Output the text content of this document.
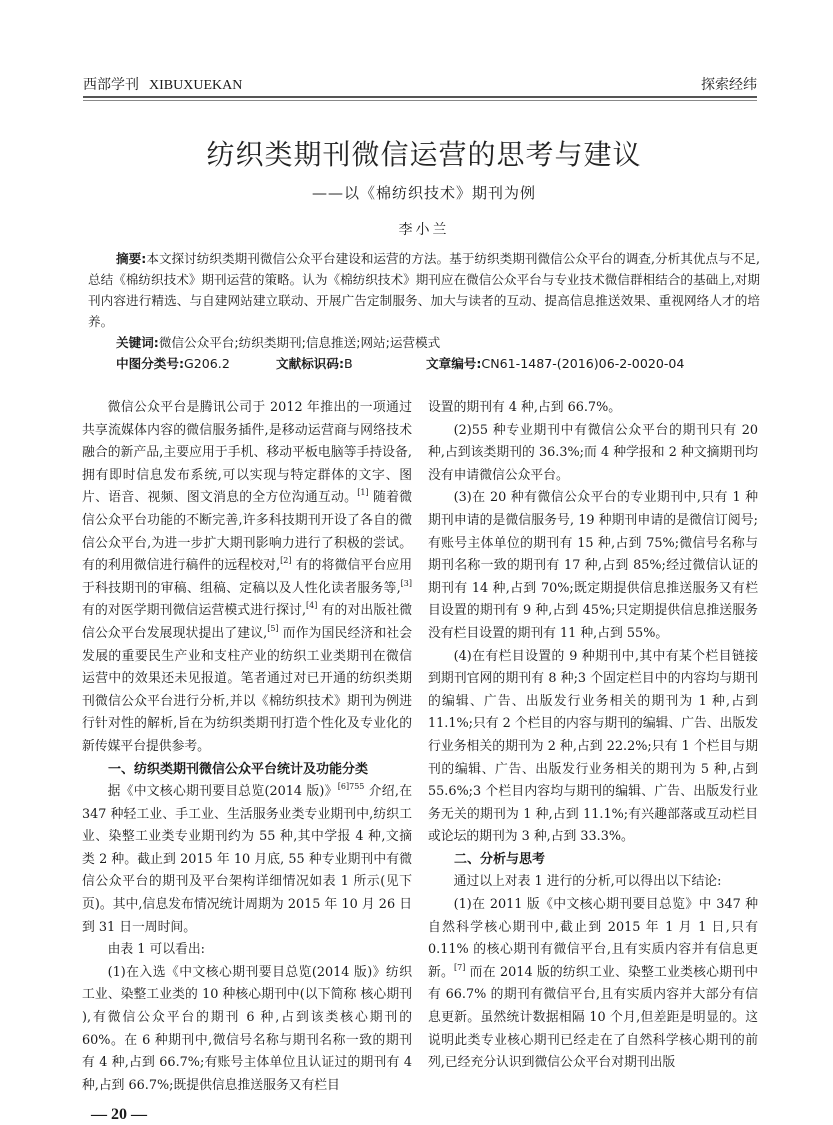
西部学刊 XIBUXUEKAN	探索经纬
纺织类期刊微信运营的思考与建议
——以《棉纺织技术》期刊为例
李小兰
摘要:本文探讨纺织类期刊微信公众平台建设和运营的方法。基于纺织类期刊微信公众平台的调查,分析其优点与不足,总结《棉纺织技术》期刊运营的策略。认为《棉纺织技术》期刊应在微信公众平台与专业技术微信群相结合的基础上,对期刊内容进行精选、与自建网站建立联动、开展广告定制服务、加大与读者的互动、提高信息推送效果、重视网络人才的培养。
关键词:微信公众平台;纺织类期刊;信息推送;网站;运营模式
中图分类号:G206.2	文献标识码:B	文章编号:CN61-1487-(2016)06-2-0020-04

微信公众平台是腾讯公司于 2012 年推出的一项通过共享流媒体内容的微信服务插件,是移动运营商与网络技术融合的新产品,主要应用于手机、移动平板电脑等手持设备,拥有即时信息发布系统,可以实现与特定群体的文字、图片、语音、视频、图文消息的全方位沟通互动。[1] 随着微信公众平台功能的不断完善,许多科技期刊开设了各自的微信公众平台,为进一步扩大期刊影响力进行了积极的尝试。有的利用微信进行稿件的远程校对,[2] 有的将微信平台应用于科技期刊的审稿、组稿、定稿以及人性化读者服务等,[3] 有的对医学期刊微信运营模式进行探讨,[4] 有的对出版社微信公众平台发展现状提出了建议,[5] 而作为国民经济和社会发展的重要民生产业和支柱产业的纺织工业类期刊在微信运营中的效果还未见报道。笔者通过对已开通的纺织类期刊微信公众平台进行分析,并以《棉纺织技术》期刊为例进行针对性的解析,旨在为纺织类期刊打造个性化及专业化的新传媒平台提供参考。

一、纺织类期刊微信公众平台统计及功能分类

据《中文核心期刊要目总览(2014 版)》$^{[6]755}$ 介绍,在 347 种轻工业、手工业、生活服务业类专业期刊中,纺织工业、染整工业类专业期刊约为 55 种,其中学报 4 种,文摘类 2 种。截止到 2015 年 10 月底, 55 种专业期刊中有微信公众平台的期刊及平台架构详细情况如表 1 所示(见下页)。其中,信息发布情况统计周期为 2015 年 10 月 26 日到 31 日一周时间。

由表 1 可以看出:

(1)在入选《中文核心期刊要目总览(2014 版)》纺织工业、染整工业类的 10 种核心期刊中(以下简称 核心期刊 ),有微信公众平台的期刊 6 种,占到该类核心期刊的 60%。在 6 种期刊中,微信号名称与期刊名称一致的期刊有 4 种,占到 66.7%;有账号主体单位且认证过的期刊有 4 种,占到 66.7%;既提供信息推送服务又有栏目

设置的期刊有 4 种,占到 66.7%。

(2)55 种专业期刊中有微信公众平台的期刊只有 20 种,占到该类期刊的 36.3%;而 4 种学报和 2 种文摘期刊均没有申请微信公众平台。

(3)在 20 种有微信公众平台的专业期刊中,只有 1 种期刊申请的是微信服务号, 19 种期刊申请的是微信订阅号;有账号主体单位的期刊有 15 种,占到 75%;微信号名称与期刊名称一致的期刊有 17 种,占到 85%;经过微信认证的期刊有 14 种,占到 70%;既定期提供信息推送服务又有栏目设置的期刊有 9 种,占到 45%;只定期提供信息推送服务没有栏目设置的期刊有 11 种,占到 55%。

(4)在有栏目设置的 9 种期刊中,其中有某个栏目链接到期刊官网的期刊有 8 种;3 个固定栏目中的内容均与期刊的编辑、广告、出版发行业务相关的期刊为 1 种,占到 11.1%;只有 2 个栏目的内容与期刊的编辑、广告、出版发行业务相关的期刊为 2 种,占到 22.2%;只有 1 个栏目与期刊的编辑、广告、出版发行业务相关的期刊为 5 种,占到 55.6%;3 个栏目内容均与期刊的编辑、广告、出版发行业务无关的期刊为 1 种,占到 11.1%;有兴趣部落或互动栏目或论坛的期刊为 3 种,占到 33.3%。

二、分析与思考

通过以上对表 1 进行的分析,可以得出以下结论:

(1)在 2011 版《中文核心期刊要目总览》中 347 种自然科学核心期刊中,截止到 2015 年 1 月 1 日,只有 0.11% 的核心期刊有微信平台,且有实质内容并有信息更新。[7] 而在 2014 版的纺织工业、染整工业类核心期刊中有 66.7% 的期刊有微信平台,且有实质内容并大部分有信息更新。虽然统计数据相隔 10 个月,但差距是明显的。这说明此类专业核心期刊已经走在了自然科学核心期刊的前列,已经充分认识到微信公众平台对期刊出版

— 20 —
